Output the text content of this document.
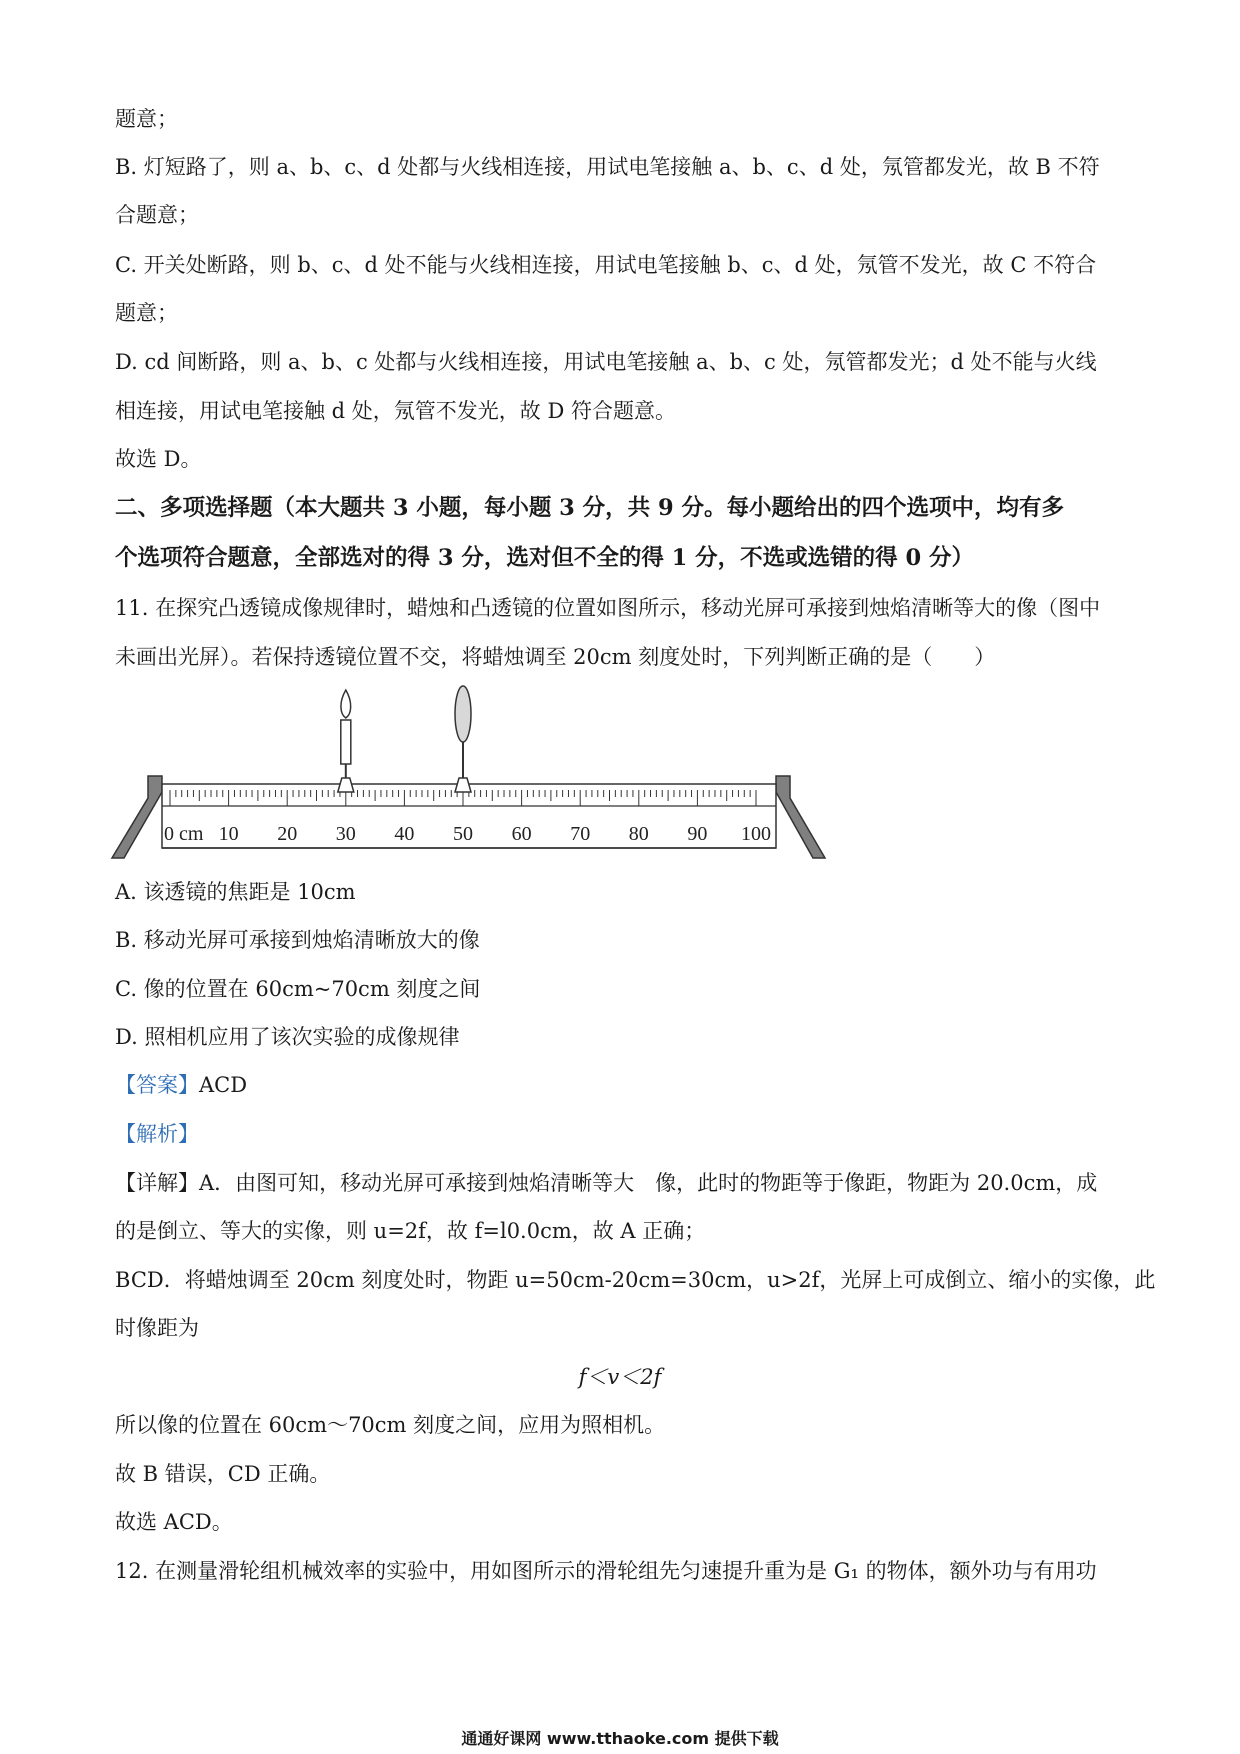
题意；
B. 灯短路了，则 a、b、c、d 处都与火线相连接，用试电笔接触 a、b、c、d 处，氖管都发光，故 B 不符
合题意；
C. 开关处断路，则 b、c、d 处不能与火线相连接，用试电笔接触 b、c、d 处，氖管不发光，故 C 不符合
题意；
D. cd 间断路，则 a、b、c 处都与火线相连接，用试电笔接触 a、b、c 处，氖管都发光；d 处不能与火线
相连接，用试电笔接触 d 处，氖管不发光，故 D 符合题意。
故选 D。
二、多项选择题（本大题共 3 小题，每小题 3 分，共 9 分。每小题给出的四个选项中，均有多
个选项符合题意，全部选对的得 3 分，选对但不全的得 1 分，不选或选错的得 0 分）
11. 在探究凸透镜成像规律时，蜡烛和凸透镜的位置如图所示，移动光屏可承接到烛焰清晰等大的像（图中
未画出光屏）。若保持透镜位置不交，将蜡烛调至 20cm 刻度处时，下列判断正确的是（　　）
0 cm 10 20 30 40 50 60 70 80 90 100
A. 该透镜的焦距是 10cm
B. 移动光屏可承接到烛焰清晰放大的像
C. 像的位置在 60cm~70cm 刻度之间
D. 照相机应用了该次实验的成像规律
【答案】ACD
【解析】
【详解】A．由图可知，移动光屏可承接到烛焰清晰等大　像，此时的物距等于像距，物距为 20.0cm，成
的是倒立、等大的实像，则 u=2f，故 f=l0.0cm，故 A 正确；
BCD．将蜡烛调至 20cm 刻度处时，物距 u=50cm-20cm=30cm，u>2f，光屏上可成倒立、缩小的实像，此
时像距为
f＜v＜2f
所以像的位置在 60cm～70cm 刻度之间，应用为照相机。
故 B 错误，CD 正确。
故选 ACD。
12. 在测量滑轮组机械效率的实验中，用如图所示的滑轮组先匀速提升重为是 G₁ 的物体，额外功与有用功
通通好课网 www.tthaoke.com 提供下载
